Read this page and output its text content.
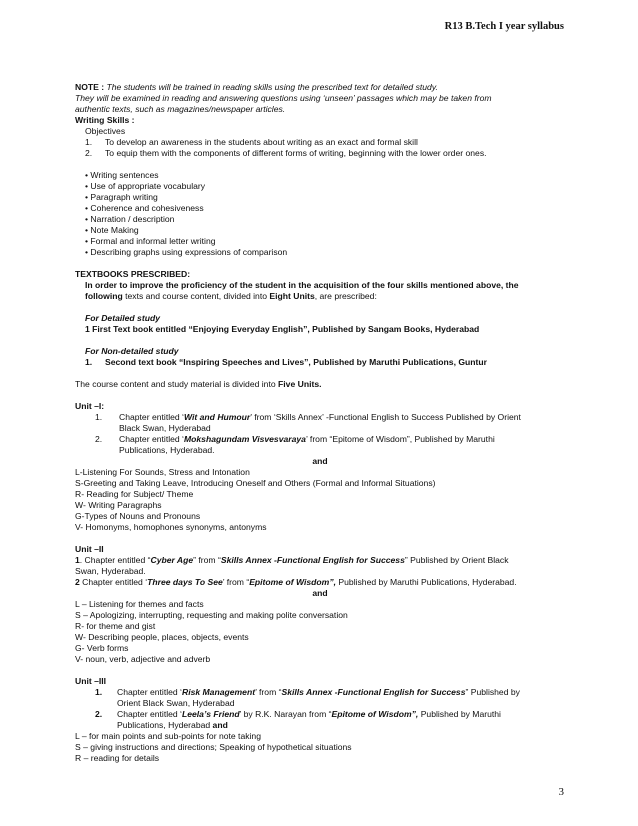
R13 B.Tech I year syllabus
NOTE : The students will be trained in reading skills using the prescribed text for detailed study.
They will be examined in reading and answering questions using ‘unseen’ passages which may be taken from
authentic texts, such as magazines/newspaper articles.
Writing Skills :
Objectives
1.	To develop an awareness in the students about writing as an exact and formal skill
2.	To equip them with the components of different forms of writing, beginning with the lower order ones.
• Writing sentences
• Use of appropriate vocabulary
• Paragraph writing
• Coherence and cohesiveness
• Narration / description
• Note Making
• Formal and informal letter writing
• Describing graphs using expressions of comparison
TEXTBOOKS PRESCRIBED:
In order to improve the proficiency of the student in the acquisition of the four skills mentioned above, the
following texts and course content, divided into Eight Units, are prescribed:
For Detailed study
1 First Text book entitled “Enjoying Everyday English”, Published by Sangam Books, Hyderabad
For Non-detailed study
1.	Second text book “Inspiring Speeches and Lives”, Published by Maruthi Publications, Guntur
The course content and study material is divided into Five Units.
Unit –I:
1.	Chapter entitled ‘Wit and Humour’ from ‘Skills Annex’ -Functional English to Success Published by Orient
Black Swan, Hyderabad
2.	Chapter entitled ‘Mokshagundam Visvesvaraya’ from “Epitome of Wisdom”, Published by Maruthi
Publications, Hyderabad.
and
L-Listening For Sounds, Stress and Intonation
S-Greeting and Taking Leave, Introducing Oneself and Others (Formal and Informal Situations)
R- Reading for Subject/ Theme
W- Writing Paragraphs
G-Types of Nouns and Pronouns
V- Homonyms, homophones synonyms, antonyms
Unit –II
1. Chapter entitled “Cyber Age” from “Skills Annex -Functional English for Success” Published by Orient Black
Swan, Hyderabad.
2 Chapter entitled ‘Three days To See’ from “Epitome of Wisdom”, Published by Maruthi Publications, Hyderabad.
and
L – Listening for themes and facts
S – Apologizing, interrupting, requesting and making polite conversation
R- for theme and gist
W- Describing people, places, objects, events
G- Verb forms
V- noun, verb, adjective and adverb
Unit –III
1.	Chapter entitled ‘Risk Management’ from “Skills Annex -Functional English for Success” Published by
Orient Black Swan, Hyderabad
2.	Chapter entitled ‘Leela’s Friend’ by R.K. Narayan from “Epitome of Wisdom”, Published by Maruthi
Publications, Hyderabad and
L – for main points and sub-points for note taking
S – giving instructions and directions; Speaking of hypothetical situations
R – reading for details
3
